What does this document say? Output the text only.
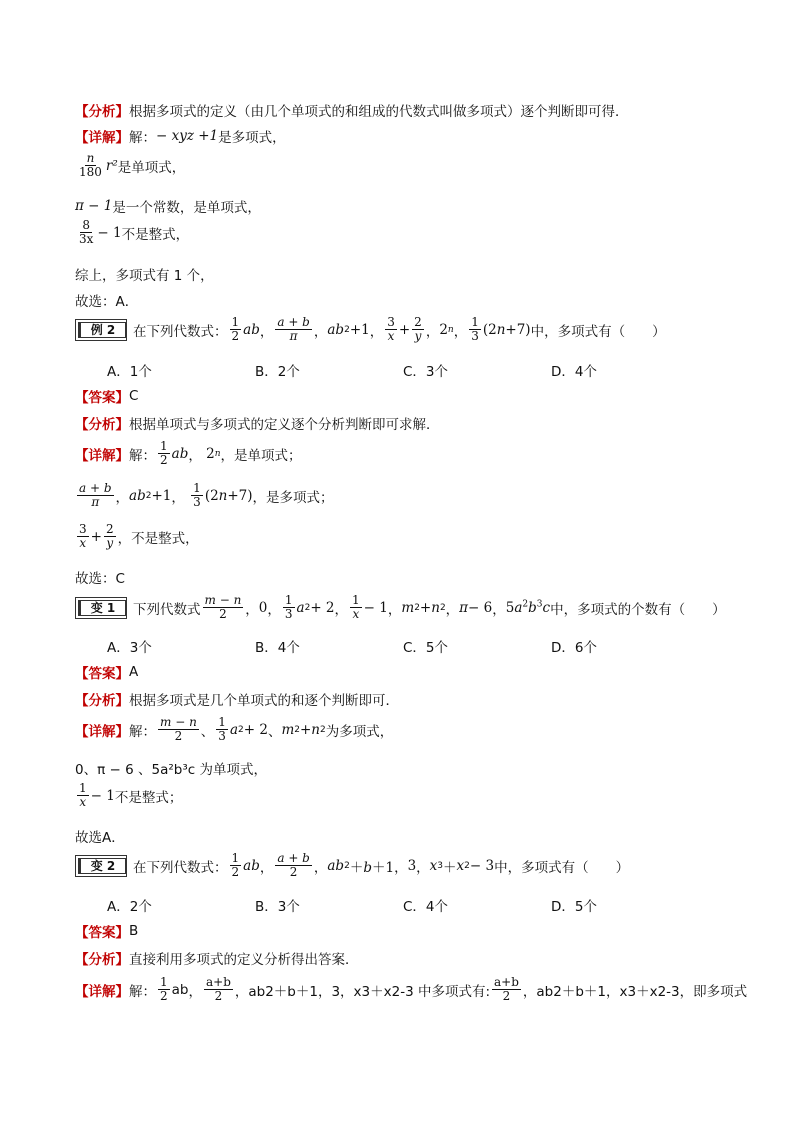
【分析】 根据多项式的定义（由几个单项式的和组成的代数式叫做多项式）逐个判断即可得．
【详解】 解： − xyz +1 是多项式，
$\frac{n}{180} r^2$ 是单项式，
π − 1 是一个常数，是单项式，
$\frac{8}{3x} - 1$ 不是整式，
综上，多项式有 1 个，
故选：A．
例 2	在下列代数式： $\frac{1}{2}$ ab ， $\frac{a + b}{\pi}$ ， ab 2 +1 ， $\frac{3}{x} + \frac{2}{y}$ ， 2 n ， $\frac{1}{3} (2n+7)$ 中，多项式有（　　）
A．1个	B．2个	C．3个	D．4个
【答案】 C
【分析】 根据单项式与多项式的定义逐个分析判断即可求解．
【详解】 解： $\frac{1}{2}$ ab ， 2 n ，是单项式；
$\frac{a + b}{\pi}$ ， ab 2 +1 ， $\frac{1}{3} (2n+7)$ ，是多项式；
$\frac{3}{x} + \frac{2}{y}$ ，不是整式，
故选：C
变 1	下列代数式 $\frac{m - n}{2}$ ， 0 ， $\frac{1}{3}$ a 2 + 2 ， $\frac{1}{x} - 1$ ， m 2 + n 2 ， π − 6 ， $5a^2b^3c$ 中，多项式的个数有（　　）
A．3个	B．4个	C．5个	D．6个
【答案】 A
【分析】 根据多项式是几个单项式的和逐个判断即可．
【详解】 解： $\frac{m - n}{2}$ 、 $\frac{1}{3}$ a 2 + 2 、 m 2 + n 2 为多项式，
0、π − 6 、5a²b³c 为单项式，
$\frac{1}{x} - 1$ 不是整式；
故选A．
变 2	在下列代数式： $\frac{1}{2}$ ab ， $\frac{a + b}{2}$ ， ab 2 ＋b＋1 ， 3 ， x 3 ＋ x 2 − 3 中，多项式有（　　）
A．2个	B．3个	C．4个	D．5个
【答案】 B
【分析】 直接利用多项式的定义分析得出答案．
【详解】 解： $\frac{1}{2}$ ab ， $\frac{a+b}{2}$ ，ab2＋b＋1，3，x3＋x2-3 中多项式有: $\frac{a+b}{2}$ ，ab2＋b＋1，x3＋x2-3，即多项式
